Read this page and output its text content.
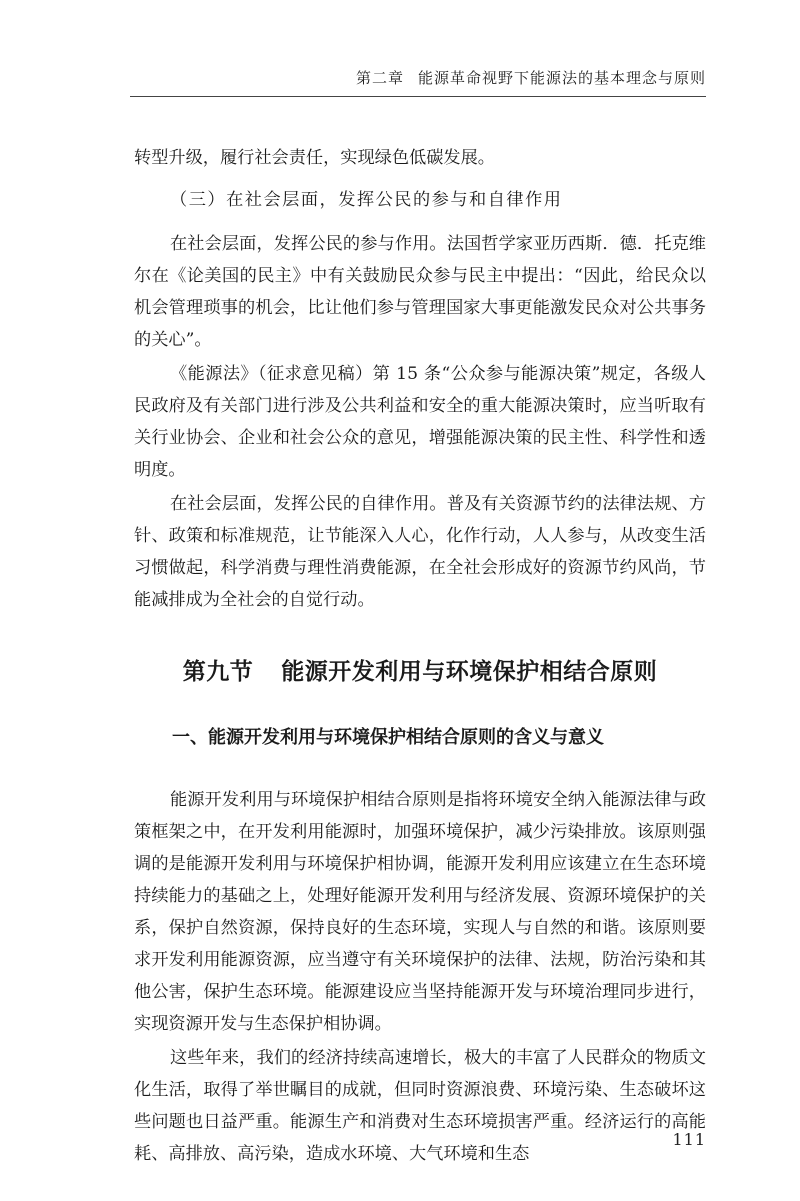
第二章 能源革命视野下能源法的基本理念与原则

转型升级，履行社会责任，实现绿色低碳发展。

（三）在社会层面，发挥公民的参与和自律作用

在社会层面，发挥公民的参与作用。法国哲学家亚历西斯．德．托克维尔在《论美国的民主》中有关鼓励民众参与民主中提出：“因此，给民众以机会管理琐事的机会，比让他们参与管理国家大事更能激发民众对公共事务的关心”。

《能源法》（征求意见稿）第 15 条“公众参与能源决策”规定，各级人民政府及有关部门进行涉及公共利益和安全的重大能源决策时，应当听取有关行业协会、企业和社会公众的意见，增强能源决策的民主性、科学性和透明度。

在社会层面，发挥公民的自律作用。普及有关资源节约的法律法规、方针、政策和标准规范，让节能深入人心，化作行动，人人参与，从改变生活习惯做起，科学消费与理性消费能源，在全社会形成好的资源节约风尚，节能减排成为全社会的自觉行动。

第九节 能源开发利用与环境保护相结合原则
一、能源开发利用与环境保护相结合原则的含义与意义

能源开发利用与环境保护相结合原则是指将环境安全纳入能源法律与政策框架之中，在开发利用能源时，加强环境保护，减少污染排放。该原则强调的是能源开发利用与环境保护相协调，能源开发利用应该建立在生态环境持续能力的基础之上，处理好能源开发利用与经济发展、资源环境保护的关系，保护自然资源，保持良好的生态环境，实现人与自然的和谐。该原则要求开发利用能源资源，应当遵守有关环境保护的法律、法规，防治污染和其他公害，保护生态环境。能源建设应当坚持能源开发与环境治理同步进行，实现资源开发与生态保护相协调。

这些年来，我们的经济持续高速增长，极大的丰富了人民群众的物质文化生活，取得了举世瞩目的成就，但同时资源浪费、环境污染、生态破坏这些问题也日益严重。能源生产和消费对生态环境损害严重。经济运行的高能耗、高排放、高污染，造成水环境、大气环境和生态

111
